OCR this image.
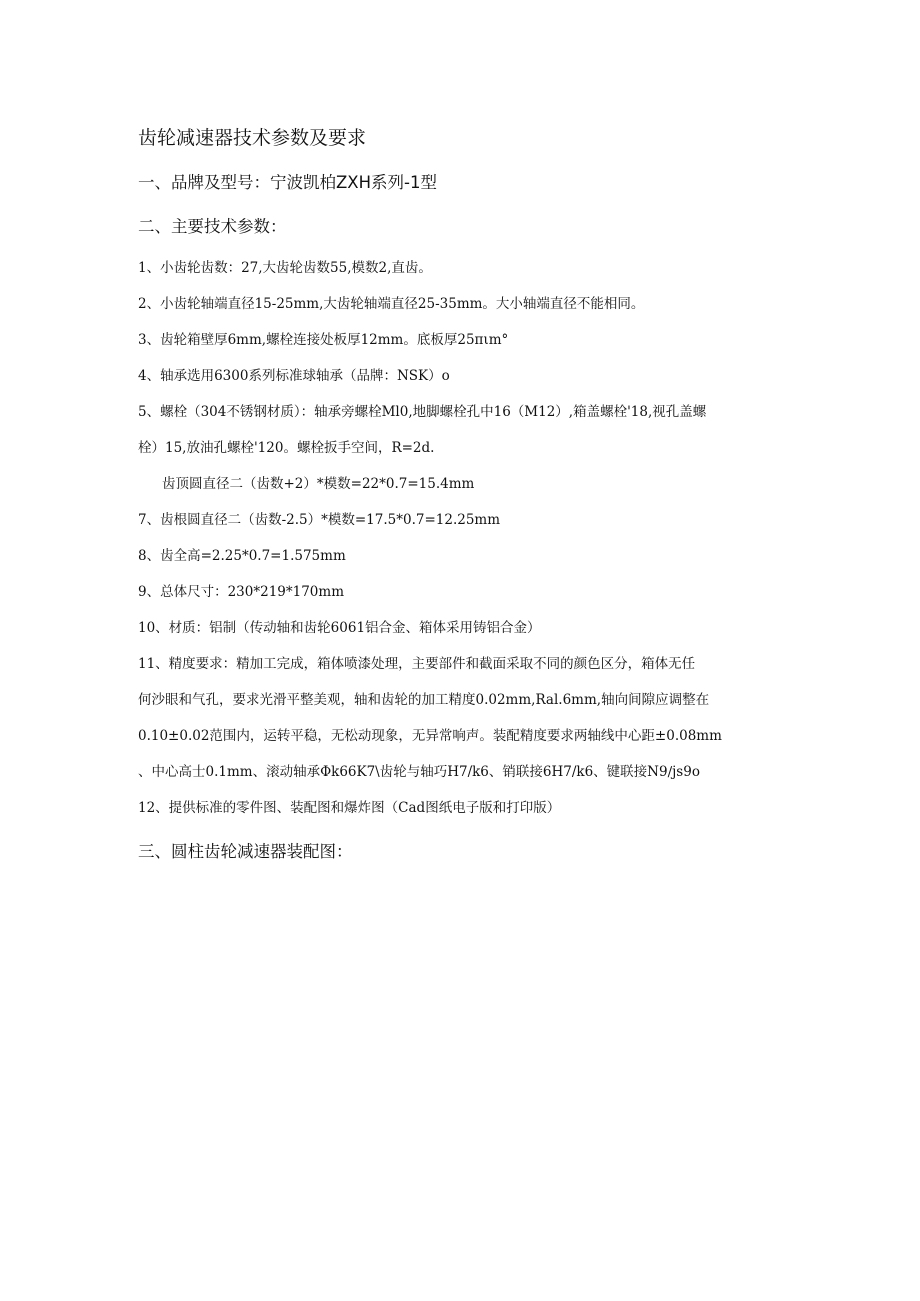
齿轮减速器技术参数及要求
一、品牌及型号：宁波凯柏ZXH系列-1型
二、主要技术参数：
1、小齿轮齿数：27,大齿轮齿数55,模数2,直齿。
2、小齿轮轴端直径15-25mm,大齿轮轴端直径25-35mm。大小轴端直径不能相同。
3、齿轮箱壁厚6mm,螺栓连接处板厚12mm。底板厚25πιm°
4、轴承选用6300系列标准球轴承（品牌：NSK）o
5、螺栓（304不锈钢材质）：轴承旁螺栓Ml0,地脚螺栓孔中16（M12）,箱盖螺栓'18,视孔盖螺
栓）15,放油孔螺栓'120。螺栓扳手空间，R=2d.
齿顶圆直径二（齿数+2）*模数=22*0.7=15.4mm
7、齿根圆直径二（齿数-2.5）*模数=17.5*0.7=12.25mm
8、齿全高=2.25*0.7=1.575mm
9、总体尺寸：230*219*170mm
10、材质：铝制（传动轴和齿轮6061铝合金、箱体采用铸铝合金）
11、精度要求：精加工完成，箱体喷漆处理，主要部件和截面采取不同的颜色区分，箱体无任
何沙眼和气孔，要求光滑平整美观，轴和齿轮的加工精度0.02mm,Ral.6mm,轴向间隙应调整在
0.10±0.02范围内，运转平稳，无松动现象，无异常响声。装配精度要求两轴线中心距±0.08mm
、中心高士0.1mm、滚动轴承Φk66K7\齿轮与轴巧H7/k6、销联接6H7/k6、键联接N9∕js9o
12、提供标准的零件图、装配图和爆炸图（Cad图纸电子版和打印版）
三、圆柱齿轮减速器装配图：
